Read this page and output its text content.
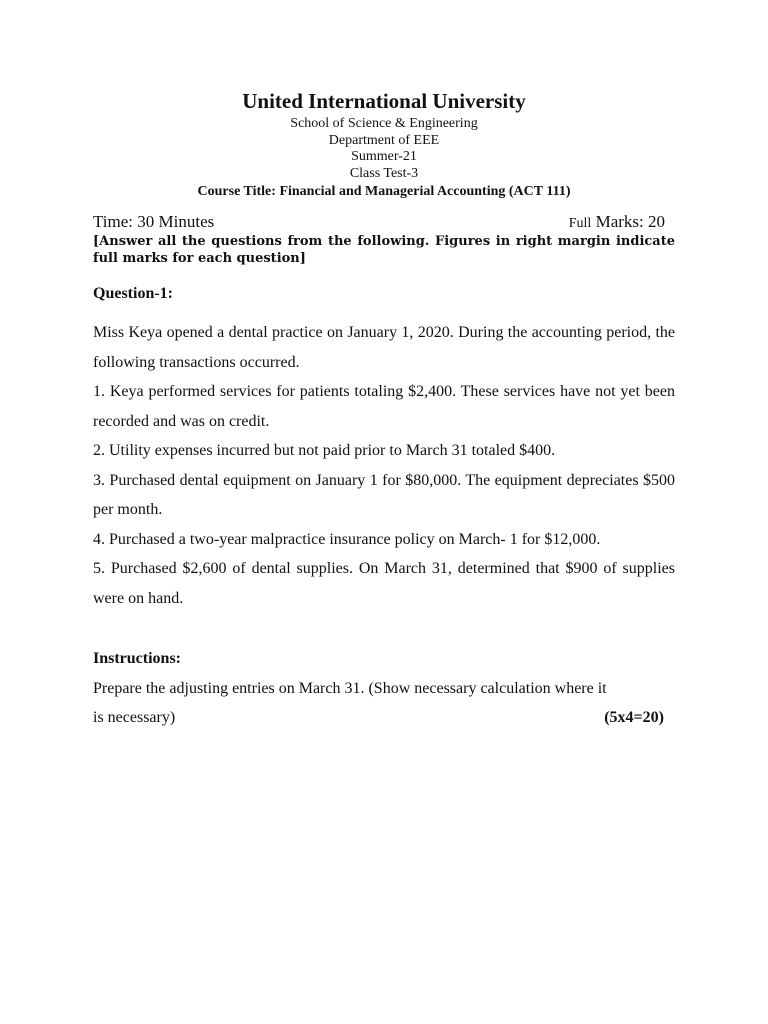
United International University
School of Science & Engineering
Department of EEE
Summer-21
Class Test-3
Course Title: Financial and Managerial Accounting (ACT 111)
Time: 30 Minutes	Full Marks: 20
[Answer all the questions from the following. Figures in right margin indicate full marks for each question]
Question-1:

Miss Keya opened a dental practice on January 1, 2020. During the accounting period, the following transactions occurred.

1. Keya performed services for patients totaling $2,400. These services have not yet been recorded and was on credit.

2. Utility expenses incurred but not paid prior to March 31 totaled $400.

3. Purchased dental equipment on January 1 for $80,000. The equipment depreciates $500 per month.

4. Purchased a two-year malpractice insurance policy on March- 1 for $12,000.

5. Purchased $2,600 of dental supplies. On March 31, determined that $900 of supplies were on hand.

Instructions:

Prepare the adjusting entries on March 31. (Show necessary calculation where it

is necessary)	(5x4=20)
